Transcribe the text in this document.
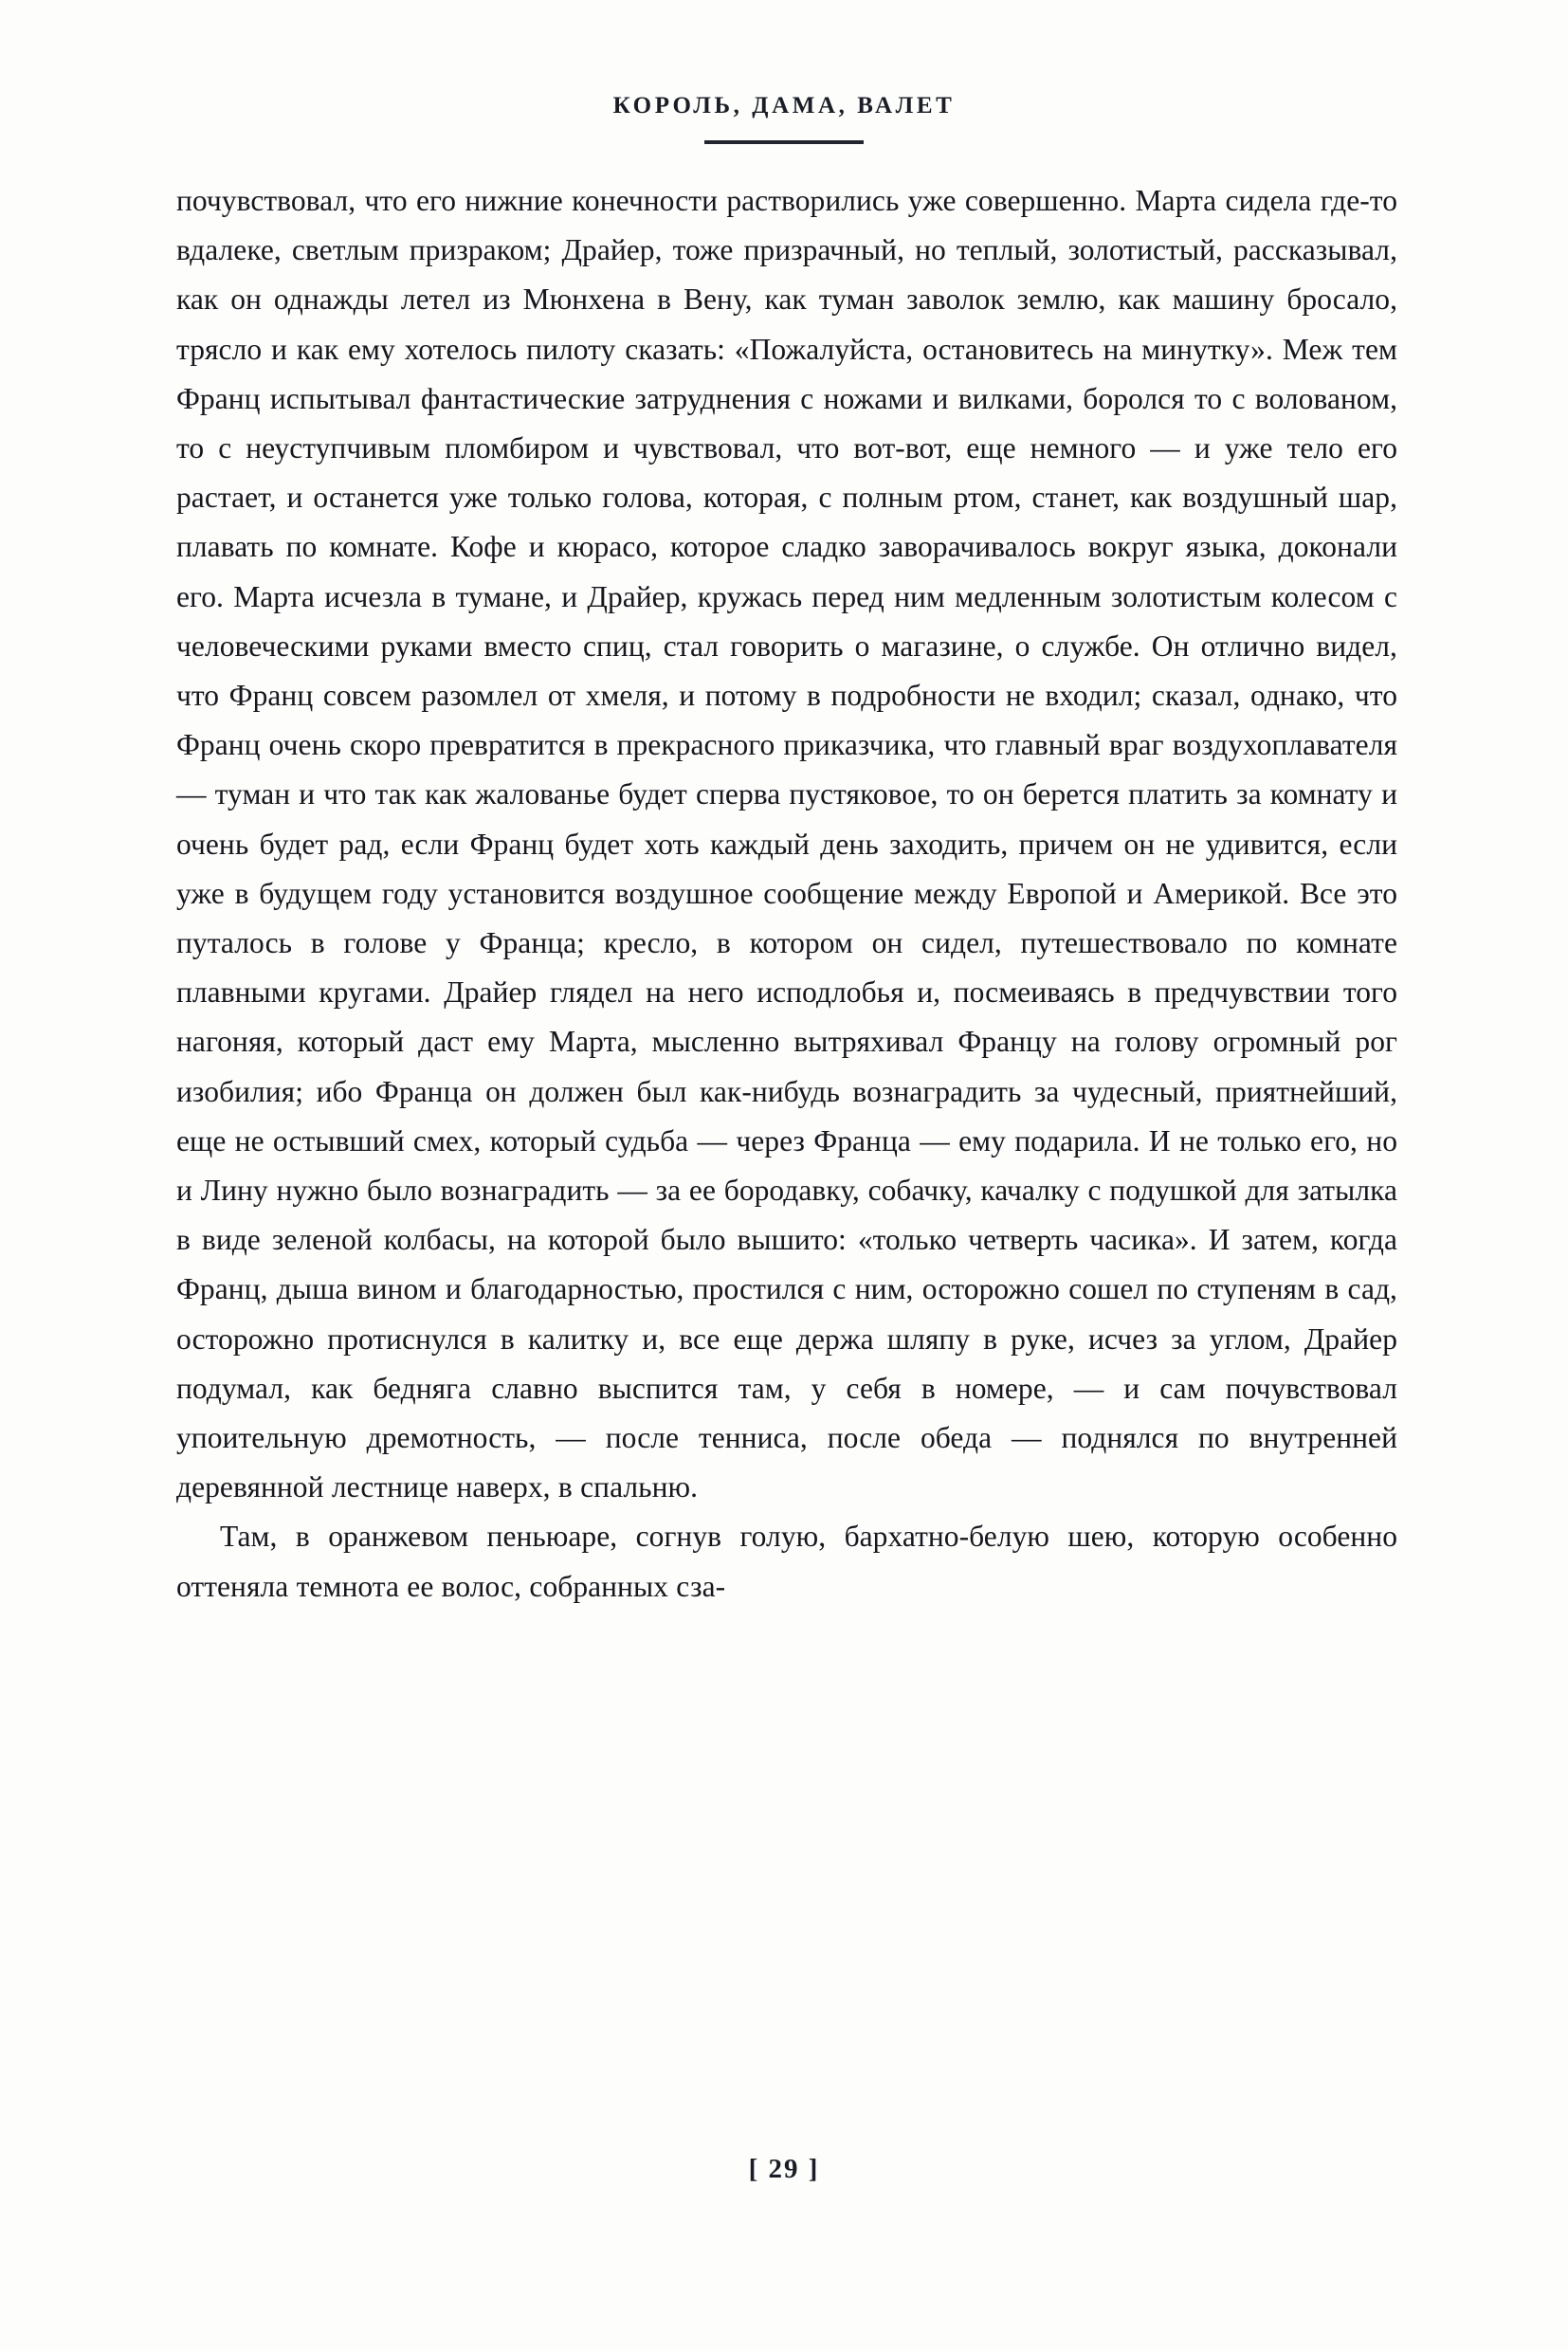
КОРОЛЬ, ДАМА, ВАЛЕТ

почувствовал, что его нижние конечности растворились уже совершенно. Марта сидела где-то вдалеке, светлым призраком; Драйер, тоже призрачный, но теплый, золотистый, рассказывал, как он однажды летел из Мюнхена в Вену, как туман заволок землю, как машину бросало, трясло и как ему хотелось пилоту сказать: «Пожалуйста, остановитесь на минутку». Меж тем Франц испытывал фантастические затруднения с ножами и вилками, боролся то с волованом, то с неуступчивым пломбиром и чувствовал, что вот-вот, еще немного — и уже тело его растает, и останется уже только голова, которая, с полным ртом, станет, как воздушный шар, плавать по комнате. Кофе и кюрасо, которое сладко заворачивалось вокруг языка, доконали его. Марта исчезла в тумане, и Драйер, кружась перед ним медленным золотистым колесом с человеческими руками вместо спиц, стал говорить о магазине, о службе. Он отлично видел, что Франц совсем разомлел от хмеля, и потому в подробности не входил; сказал, однако, что Франц очень скоро превратится в прекрасного приказчика, что главный враг воздухоплавателя — туман и что так как жалованье будет сперва пустяковое, то он берется платить за комнату и очень будет рад, если Франц будет хоть каждый день заходить, причем он не удивится, если уже в будущем году установится воздушное сообщение между Европой и Америкой. Все это путалось в голове у Франца; кресло, в котором он сидел, путешествовало по комнате плавными кругами. Драйер глядел на него исподлобья и, посмеиваясь в предчувствии того нагоняя, который даст ему Марта, мысленно вытряхивал Францу на голову огромный рог изобилия; ибо Франца он должен был как-нибудь вознаградить за чудесный, приятнейший, еще не остывший смех, который судьба — через Франца — ему подарила. И не только его, но и Лину нужно было вознаградить — за ее бородавку, собачку, качалку с подушкой для затылка в виде зеленой колбасы, на которой было вышито: «только четверть часика». И затем, когда Франц, дыша вином и благодарностью, простился с ним, осторожно сошел по ступеням в сад, осторожно протиснулся в калитку и, все еще держа шляпу в руке, исчез за углом, Драйер подумал, как бедняга славно выспится там, у себя в номере, — и сам почувствовал упоительную дремотность, — после тенниса, после обеда — поднялся по внутренней деревянной лестнице наверх, в спальню.

Там, в оранжевом пеньюаре, согнув голую, бархатно-белую шею, которую особенно оттеняла темнота ее волос, собранных сза-

[ 29 ]
